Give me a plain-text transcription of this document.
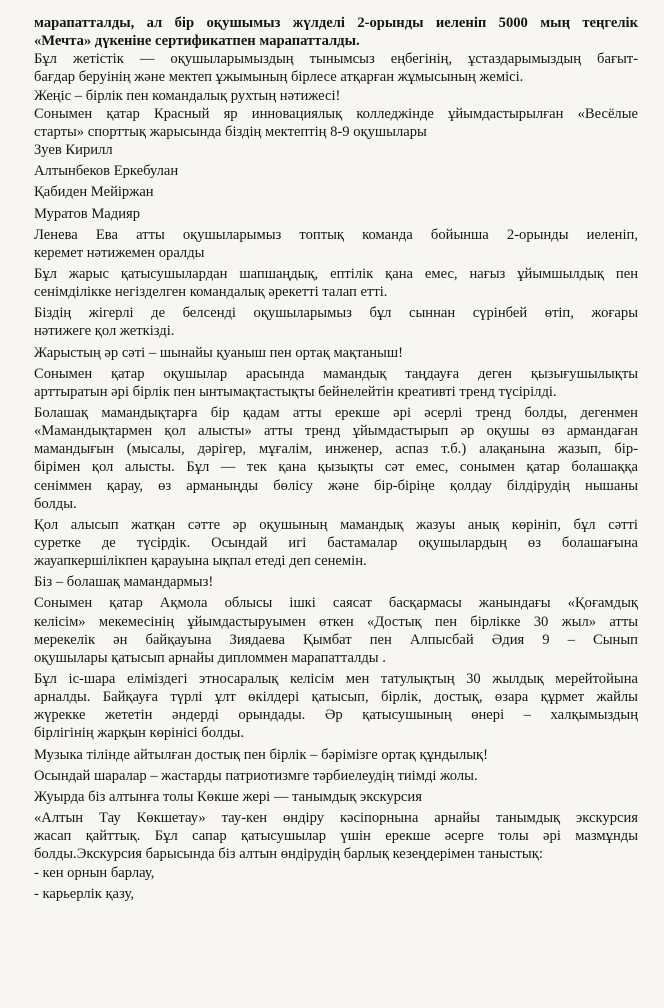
марапатталды, ал бір оқушымыз жүлделі 2-орынды иеленіп 5000 мың теңгелік

«Мечта» дүкеніне сертификатпен марапатталды.

Бұл жетістік — оқушыларымыздың тынымсыз еңбегінің, ұстаздарымыздың бағыт-

бағдар беруінің және мектеп ұжымының бірлесе атқарған жұмысының жемісі.

Жеңіс – бірлік пен командалық рухтың нәтижесі!

Сонымен қатар Красный яр инновациялық колледжінде ұйымдастырылған «Весёлые

старты» спорттық жарысында біздің мектептің 8-9 оқушылары

Зуев Кирилл

Алтынбеков Еркебулан

Қабиден Мейіржан

Муратов Мадияр

Ленева Ева атты оқушыларымыз топтық команда бойынша 2-орынды иеленіп,

керемет нәтижемен оралды

Бұл жарыс қатысушылардан шапшаңдық, ептілік қана емес, нағыз ұйымшылдық пен

сенімділікке негізделген командалық әрекетті талап етті.

Біздің жігерлі де белсенді оқушыларымыз бұл сыннан сүрінбей өтіп, жоғары

нәтижеге қол жеткізді.

Жарыстың әр сәті – шынайы қуаныш пен ортақ мақтаныш!

Сонымен қатар оқушылар арасында мамандық таңдауға деген қызығушылықты

арттыратын әрі бірлік пен ынтымақтастықты бейнелейтін креативті тренд түсірілді.

Болашақ мамандықтарға бір қадам атты ерекше әрі әсерлі тренд болды, дегенмен

«Мамандықтармен қол алысты» атты тренд ұйымдастырып әр оқушы өз армандаған

мамандығын (мысалы, дәрігер, мұғалім, инженер, аспаз т.б.) алақанына жазып, бір-

бірімен қол алысты. Бұл — тек қана қызықты сәт емес, сонымен қатар болашаққа

сеніммен қарау, өз арманыңды бөлісу және бір-біріңе қолдау білдірудің нышаны

болды.

Қол алысып жатқан сәтте әр оқушының мамандық жазуы анық көрініп, бұл сәтті

суретке де түсірдік. Осындай игі бастамалар оқушылардың өз болашағына

жауапкершілікпен қарауына ықпал етеді деп сенемін.

Біз – болашақ мамандармыз!

Сонымен қатар Ақмола облысы ішкі саясат басқармасы жанындағы «Қоғамдық

келісім» мекемесінің ұйымдастыруымен өткен «Достық пен бірлікке 30 жыл» атты

мерекелік ән байқауына Зиядаева Қымбат пен Алпысбай Әдия 9 – Сынып

оқушылары қатысып арнайы дипломмен марапатталды .

Бұл іс-шара еліміздегі этносаралық келісім мен татулықтың 30 жылдық мерейтойына

арналды. Байқауға түрлі ұлт өкілдері қатысып, бірлік, достық, өзара құрмет жайлы

жүрекке жететін әндерді орындады. Әр қатысушының өнері – халқымыздың

бірлігінің жарқын көрінісі болды.

Музыка тілінде айтылған достық пен бірлік – бәрімізге ортақ құндылық!

Осындай шаралар – жастарды патриотизмге тәрбиелеудің тиімді жолы.

Жуырда біз алтынға толы Көкше жері — танымдық экскурсия

«Алтын Тау Көкшетау» тау-кен өндіру кәсіпорнына арнайы танымдық экскурсия

жасап қайттық. Бұл сапар қатысушылар үшін ерекше әсерге толы әрі мазмұнды

болды.Экскурсия барысында біз алтын өндірудің барлық кезеңдерімен таныстық:

- кен орнын барлау,

- карьерлік қазу,
